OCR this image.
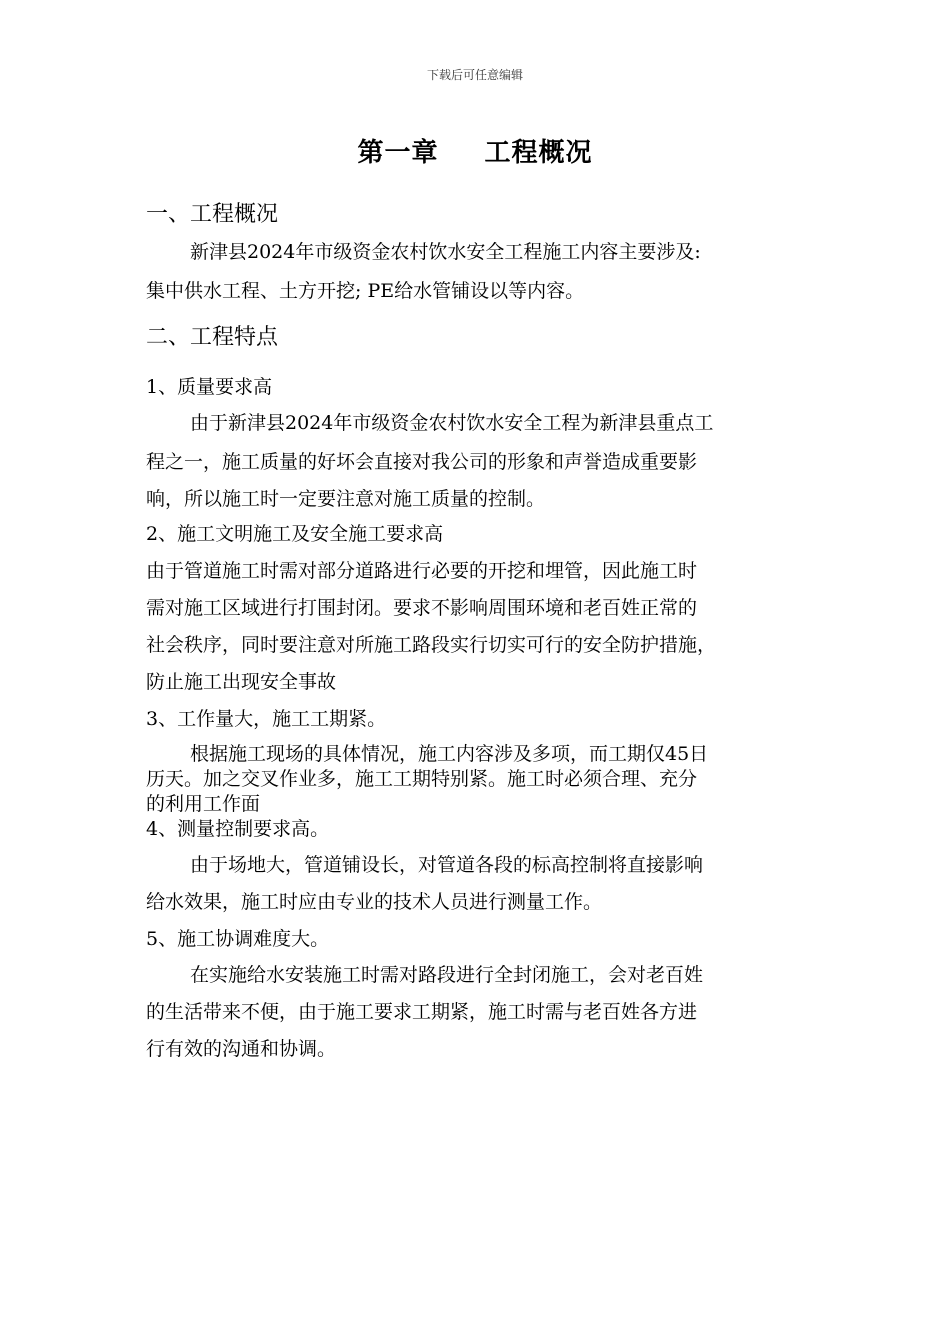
下载后可任意编辑
第一章 工程概况
一、工程概况
新津县2024年市级资金农村饮水安全工程施工内容主要涉及:
集中供水工程、土方开挖; PE给水管铺设以等内容。
二、工程特点
1、质量要求高
由于新津县2024年市级资金农村饮水安全工程为新津县重点工
程之一，施工质量的好坏会直接对我公司的形象和声誉造成重要影
响，所以施工时一定要注意对施工质量的控制。
2、施工文明施工及安全施工要求高
由于管道施工时需对部分道路进行必要的开挖和埋管，因此施工时
需对施工区域进行打围封闭。要求不影响周围环境和老百姓正常的
社会秩序，同时要注意对所施工路段实行切实可行的安全防护措施，
防止施工出现安全事故
3、工作量大，施工工期紧。
根据施工现场的具体情况，施工内容涉及多项，而工期仅45日
历天。加之交叉作业多，施工工期特别紧。施工时必须合理、充分
的利用工作面
4、测量控制要求高。
由于场地大，管道铺设长，对管道各段的标高控制将直接影响
给水效果，施工时应由专业的技术人员进行测量工作。
5、施工协调难度大。
在实施给水安装施工时需对路段进行全封闭施工，会对老百姓
的生活带来不便，由于施工要求工期紧，施工时需与老百姓各方进
行有效的沟通和协调。
